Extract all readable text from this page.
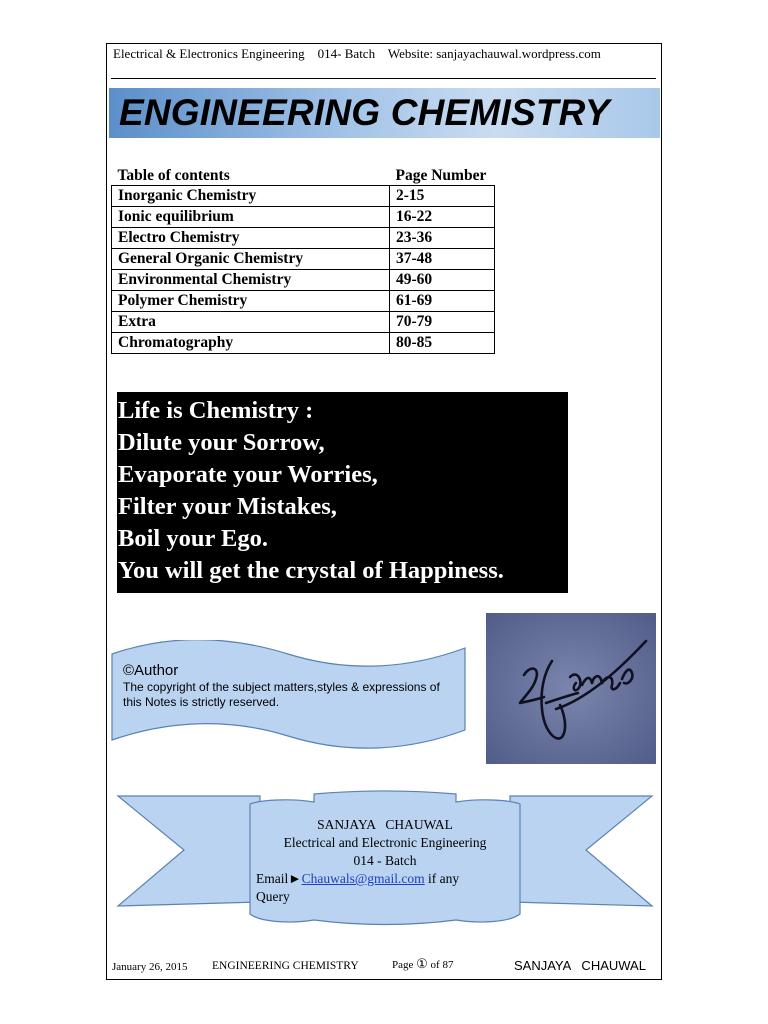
Electrical & Electronics Engineering    014- Batch    Website: sanjayachauwal.wordpress.com
ENGINEERING CHEMISTRY
Table of contents	Page Number
Inorganic Chemistry	2-15
Ionic equilibrium	16-22
Electro Chemistry	23-36
General Organic Chemistry	37-48
Environmental Chemistry	49-60
Polymer Chemistry	61-69
Extra	70-79
Chromatography	80-85
Life is Chemistry :
Dilute your Sorrow,
Evaporate your Worries,
Filter your Mistakes,
Boil your Ego.
You will get the crystal of Happiness.
©Author
The copyright of the subject matters,styles & expressions of this Notes is strictly reserved.
SANJAYA   CHAUWAL
Electrical and Electronic Engineering
014 - Batch
Email►Chauwals@gmail.com if any
Query
January 26, 2015 ENGINEERING CHEMISTRY	Page ① of 87	SANJAYA   CHAUWAL
